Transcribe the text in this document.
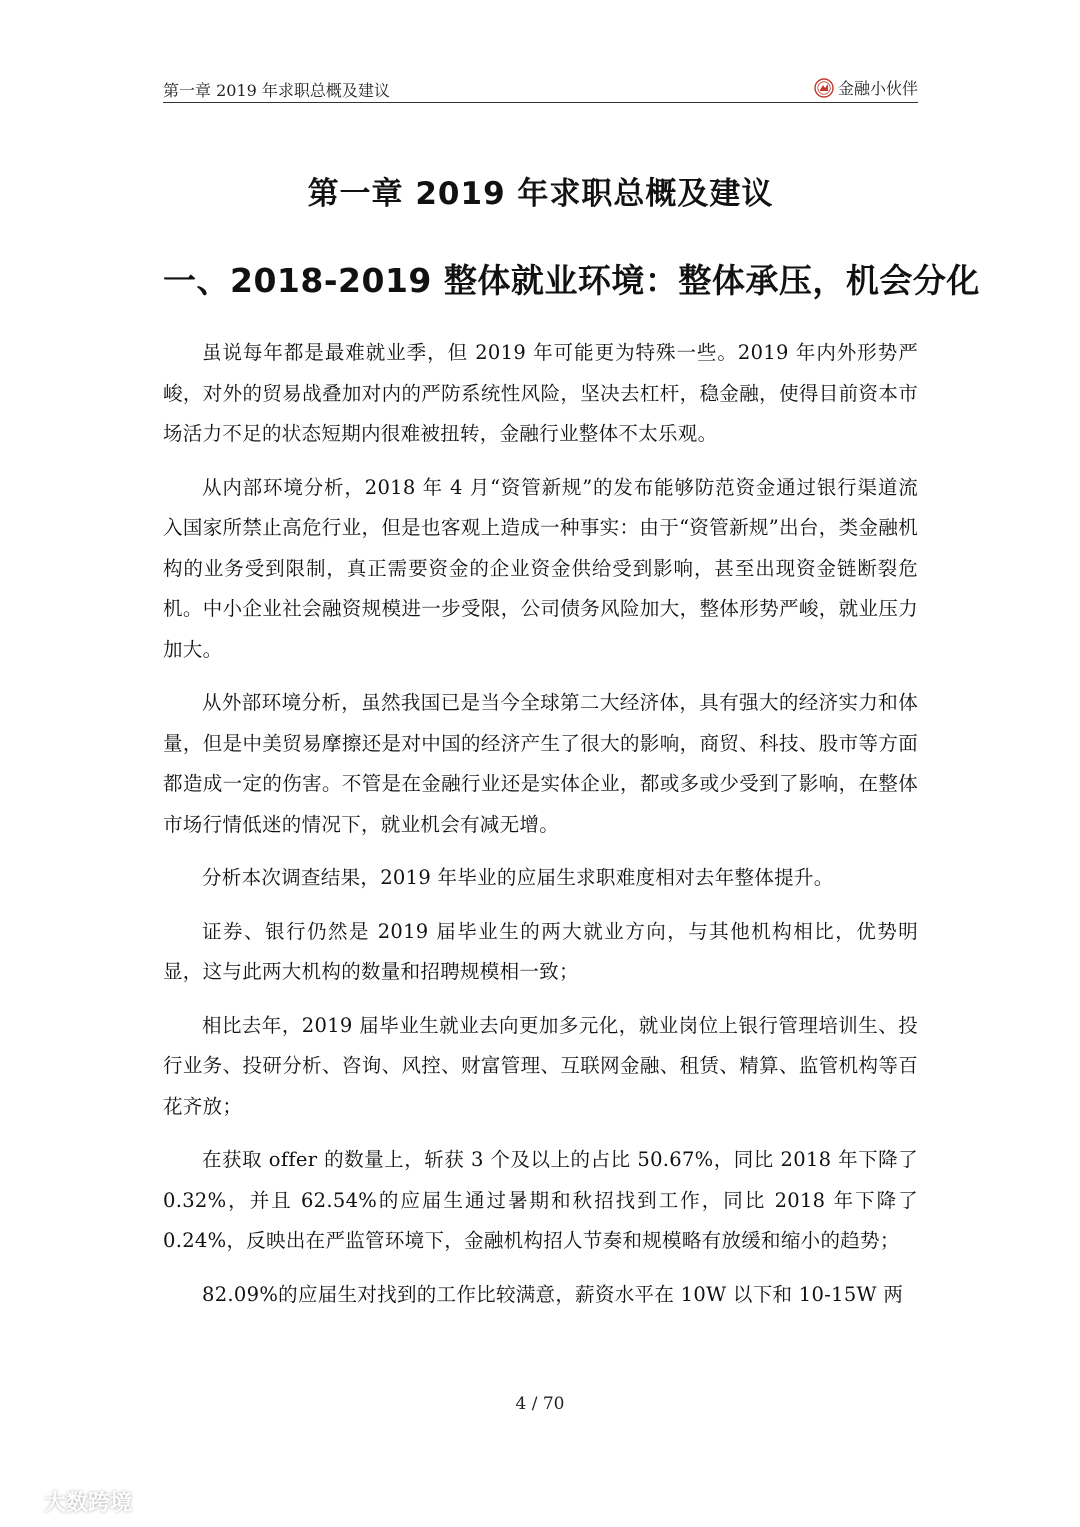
第一章 2019 年求职总概及建议	金融小伙伴
第一章 2019 年求职总概及建议
一、2018-2019 整体就业环境：整体承压，机会分化

虽说每年都是最难就业季，但 2019 年可能更为特殊一些。2019 年内外形势严峻，对外的贸易战叠加对内的严防系统性风险，坚决去杠杆，稳金融，使得目前资本市场活力不足的状态短期内很难被扭转，金融行业整体不太乐观。

从内部环境分析，2018 年 4 月“资管新规”的发布能够防范资金通过银行渠道流入国家所禁止高危行业，但是也客观上造成一种事实：由于“资管新规”出台，类金融机构的业务受到限制，真正需要资金的企业资金供给受到影响，甚至出现资金链断裂危机。中小企业社会融资规模进一步受限，公司债务风险加大，整体形势严峻，就业压力加大。

从外部环境分析，虽然我国已是当今全球第二大经济体，具有强大的经济实力和体量，但是中美贸易摩擦还是对中国的经济产生了很大的影响，商贸、科技、股市等方面都造成一定的伤害。不管是在金融行业还是实体企业，都或多或少受到了影响，在整体市场行情低迷的情况下，就业机会有减无增。

分析本次调查结果，2019 年毕业的应届生求职难度相对去年整体提升。

证券、银行仍然是 2019 届毕业生的两大就业方向，与其他机构相比，优势明显，这与此两大机构的数量和招聘规模相一致；

相比去年，2019 届毕业生就业去向更加多元化，就业岗位上银行管理培训生、投行业务、投研分析、咨询、风控、财富管理、互联网金融、租赁、精算、监管机构等百花齐放；

在获取 offer 的数量上，斩获 3 个及以上的占比 50.67%，同比 2018 年下降了 0.32%，并且 62.54%的应届生通过暑期和秋招找到工作，同比 2018 年下降了 0.24%，反映出在严监管环境下，金融机构招人节奏和规模略有放缓和缩小的趋势；

82.09%的应届生对找到的工作比较满意，薪资水平在 10W 以下和 10-15W 两

4 / 70
大数跨境
